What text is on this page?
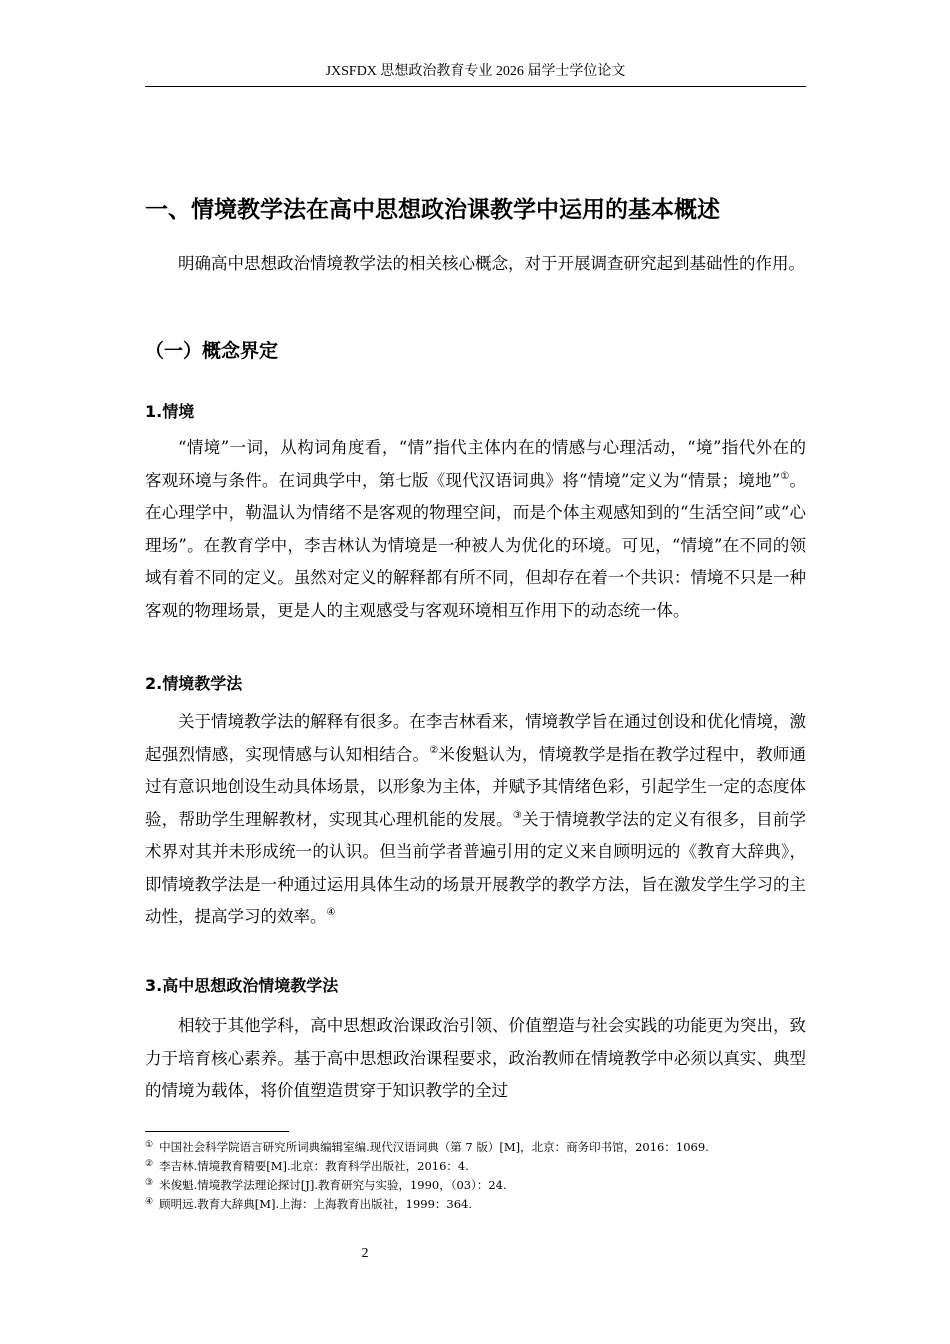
JXSFDX 思想政治教育专业 2026 届学士学位论文
一、情境教学法在高中思想政治课教学中运用的基本概述

明确高中思想政治情境教学法的相关核心概念，对于开展调查研究起到基础性的作用。

（一）概念界定
1.情境

“情境”一词，从构词角度看，“情”指代主体内在的情感与心理活动，“境”指代外在的客观环境与条件。在词典学中，第七版《现代汉语词典》将“情境”定义为“情景；境地”①。在心理学中，勒温认为情绪不是客观的物理空间，而是个体主观感知到的“生活空间”或“心理场”。在教育学中，李吉林认为情境是一种被人为优化的环境。可见，“情境”在不同的领域有着不同的定义。虽然对定义的解释都有所不同，但却存在着一个共识：情境不只是一种客观的物理场景，更是人的主观感受与客观环境相互作用下的动态统一体。

2.情境教学法

关于情境教学法的解释有很多。在李吉林看来，情境教学旨在通过创设和优化情境，激起强烈情感，实现情感与认知相结合。②米俊魁认为，情境教学是指在教学过程中，教师通过有意识地创设生动具体场景，以形象为主体，并赋予其情绪色彩，引起学生一定的态度体验，帮助学生理解教材，实现其心理机能的发展。③关于情境教学法的定义有很多，目前学术界对其并未形成统一的认识。但当前学者普遍引用的定义来自顾明远的《教育大辞典》，即情境教学法是一种通过运用具体生动的场景开展教学的教学方法，旨在激发学生学习的主动性，提高学习的效率。④

3.高中思想政治情境教学法

相较于其他学科，高中思想政治课政治引领、价值塑造与社会实践的功能更为突出，致力于培育核心素养。基于高中思想政治课程要求，政治教师在情境教学中必须以真实、典型的情境为载体，将价值塑造贯穿于知识教学的全过

① 中国社会科学院语言研究所词典编辑室编.现代汉语词典（第 7 版）[M]，北京：商务印书馆，2016：1069.

② 李吉林.情境教育精要[M].北京：教育科学出版社，2016：4.

③ 米俊魁.情境教学法理论探讨[J].教育研究与实验，1990，（03）：24.

④ 顾明远.教育大辞典[M].上海：上海教育出版社，1999：364.

2
